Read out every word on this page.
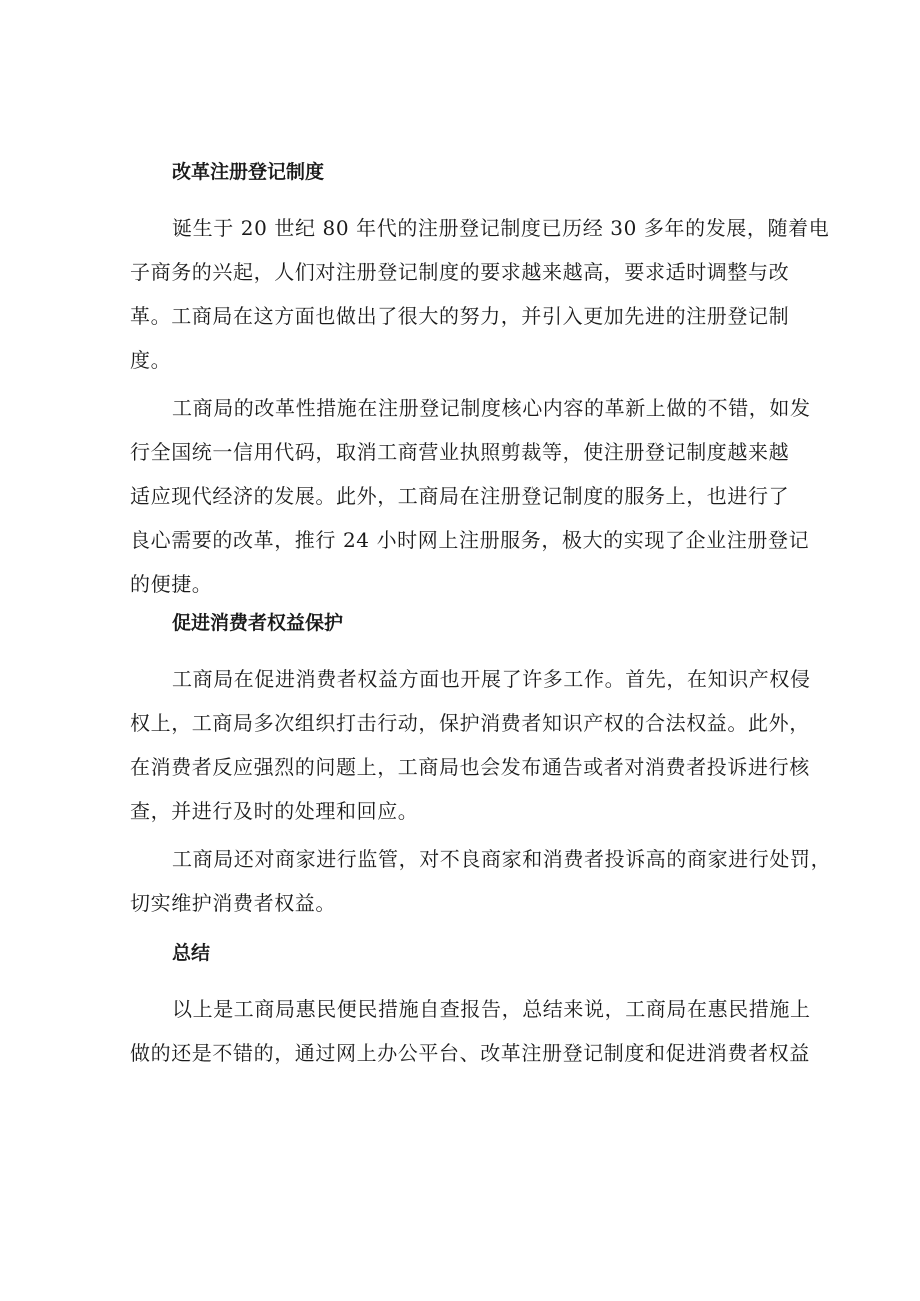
改革注册登记制度
诞生于 20 世纪 80 年代的注册登记制度已历经 30 多年的发展，随着电
子商务的兴起，人们对注册登记制度的要求越来越高，要求适时调整与改
革。工商局在这方面也做出了很大的努力，并引入更加先进的注册登记制
度。
工商局的改革性措施在注册登记制度核心内容的革新上做的不错，如发
行全国统一信用代码，取消工商营业执照剪裁等，使注册登记制度越来越
适应现代经济的发展。此外，工商局在注册登记制度的服务上，也进行了
良心需要的改革，推行 24 小时网上注册服务，极大的实现了企业注册登记
的便捷。
促进消费者权益保护
工商局在促进消费者权益方面也开展了许多工作。首先，在知识产权侵
权上，工商局多次组织打击行动，保护消费者知识产权的合法权益。此外，
在消费者反应强烈的问题上，工商局也会发布通告或者对消费者投诉进行核
查，并进行及时的处理和回应。
工商局还对商家进行监管，对不良商家和消费者投诉高的商家进行处罚，
切实维护消费者权益。
总结
以上是工商局惠民便民措施自查报告，总结来说，工商局在惠民措施上
做的还是不错的，通过网上办公平台、改革注册登记制度和促进消费者权益
